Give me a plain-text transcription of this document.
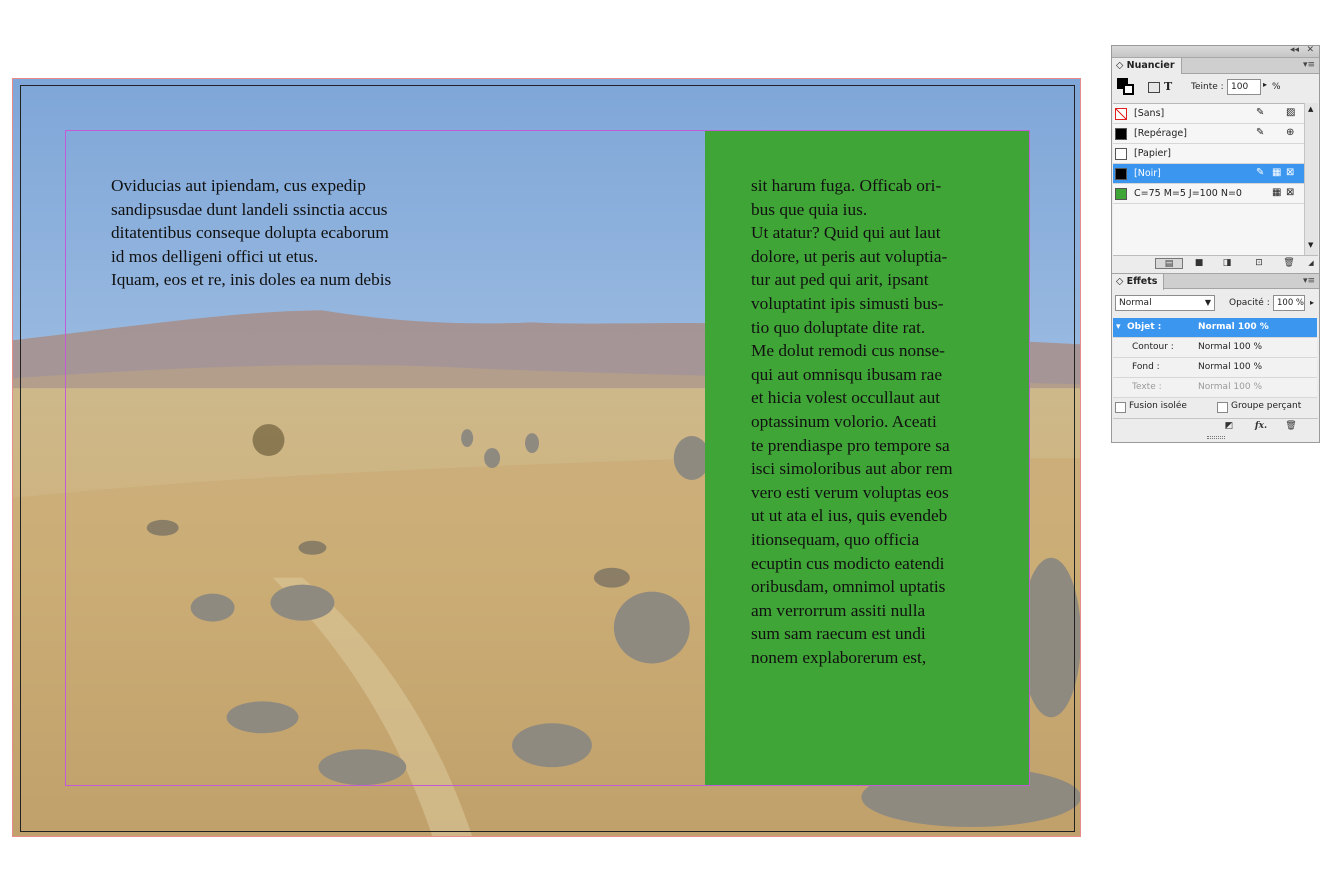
Oviducias aut ipiendam, cus expedip
sandipsusdae dunt landeli ssinctia accus
ditatentibus conseque dolupta ecaborum
id mos delligeni offici ut etus.
Iquam, eos et re, inis doles ea num debis
sit harum fuga. Officab ori-
bus que quia ius.
Ut atatur? Quid qui aut laut
dolore, ut peris aut voluptia-
tur aut ped qui arit, ipsant
voluptatint ipis simusti bus-
tio quo doluptate dite rat.
Me dolut remodi cus nonse-
qui aut omnisqu ibusam rae
et hicia volest occullaut aut
optassinum volorio. Aceati
te prendiaspe pro tempore sa
isci simoloribus aut abor rem
vero esti verum voluptas eos
ut ut ata el ius, quis evendeb
itionsequam, quo officia
ecuptin cus modicto eatendi
oribusdam, omnimol uptatis
am verrorrum assiti nulla
sum sam raecum est undi
nonem explaborerum est,
◂◂ ✕
◇ Nuancier	▾≡
T Teinte : 100	▸ %
[Sans]	✎ ▨
[Repérage]	✎ ⊕
[Papier]
[Noir]	✎ ▦ ⊠
C=75 M=5 J=100 N=0	▦ ⊠
▲
▼
▤	■ ◨	⊡ 🗑	◢
◇ Effets	▾≡
Normal	▼ Opacité : 100 % ▸
▾ Objet :	Normal 100 %
Contour :	Normal 100 %
Fond :	Normal 100 %
Texte :	Normal 100 %
Fusion isolée	Groupe perçant
◩	fx.	🗑
